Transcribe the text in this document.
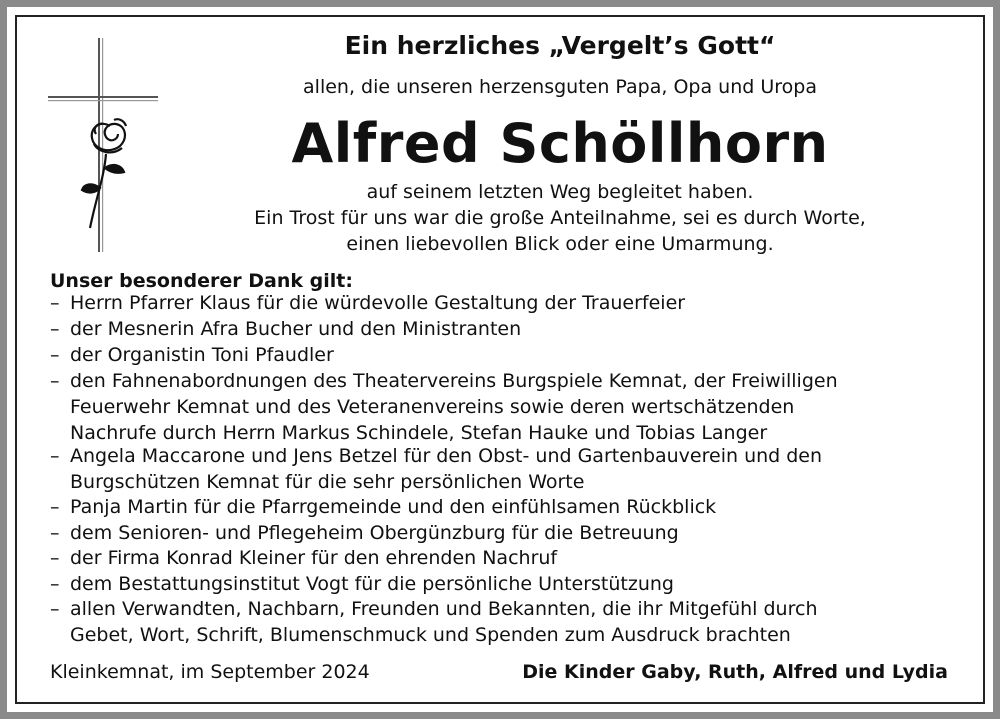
Ein herzliches „Vergelt’s Gott“
allen, die unseren herzensguten Papa, Opa und Uropa
Alfred Schöllhorn
auf seinem letzten Weg begleitet haben.
Ein Trost für uns war die große Anteilnahme, sei es durch Worte,
einen liebevollen Blick oder eine Umarmung.
Unser besonderer Dank gilt:
– Herrn Pfarrer Klaus für die würdevolle Gestaltung der Trauerfeier
– der Mesnerin Afra Bucher und den Ministranten
– der Organistin Toni Pfaudler
– den Fahnenabordnungen des Theatervereins Burgspiele Kemnat, der Freiwilligen
Feuerwehr Kemnat und des Veteranenvereins sowie deren wertschätzenden
Nachrufe durch Herrn Markus Schindele, Stefan Hauke und Tobias Langer
– Angela Maccarone und Jens Betzel für den Obst- und Gartenbauverein und den
Burgschützen Kemnat für die sehr persönlichen Worte
– Panja Martin für die Pfarrgemeinde und den einfühlsamen Rückblick
– dem Senioren- und Pflegeheim Obergünzburg für die Betreuung
– der Firma Konrad Kleiner für den ehrenden Nachruf
– dem Bestattungsinstitut Vogt für die persönliche Unterstützung
– allen Verwandten, Nachbarn, Freunden und Bekannten, die ihr Mitgefühl durch
Gebet, Wort, Schrift, Blumenschmuck und Spenden zum Ausdruck brachten
Kleinkemnat, im September 2024	Die Kinder Gaby, Ruth, Alfred und Lydia
